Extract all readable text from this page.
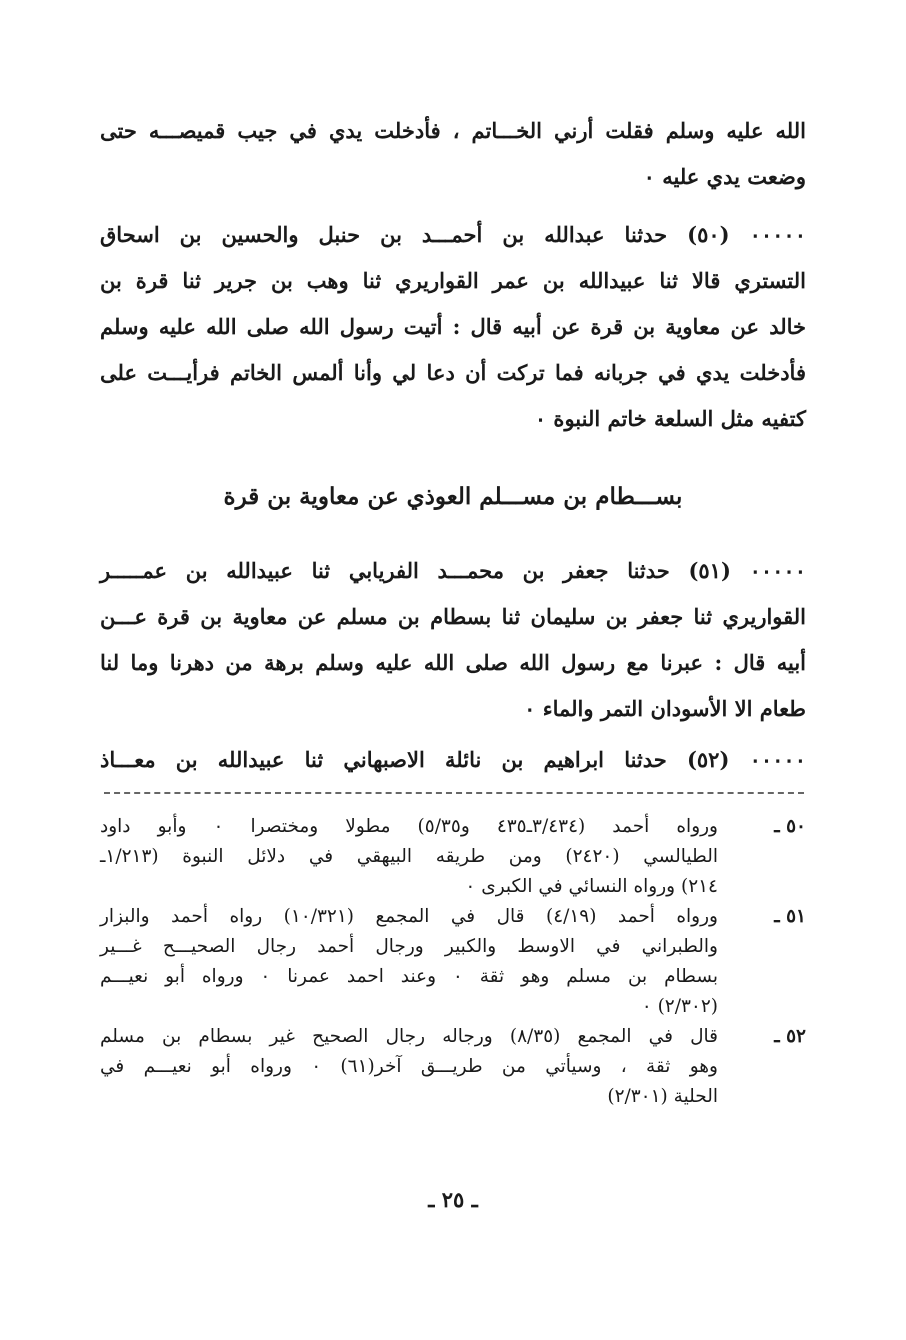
الله عليه وسلم فقلت أرني الخـــاتم ، فأدخلت يدي في جيب قميصـــه حتى
وضعت يدي عليه ٠
٠٠٠٠٠ (٥٠) حدثنا عبدالله بن أحمـــد بن حنبل والحسين بن اسحاق
التستري قالا ثنا عبيدالله بن عمر القواريري ثنا وهب بن جرير ثنا قرة بن
خالد عن معاوية بن قرة عن أبيه قال : أتيت رسول الله صلى الله عليه وسلم
فأدخلت يدي في جربانه فما تركت أن دعا لي وأنا ألمس الخاتم فرأيـــت على
كتفيه مثل السلعة خاتم النبوة ٠
بســـطام بن مســـلم العوذي عن معاوية بن قرة
٠٠٠٠٠ (٥١) حدثنا جعفر بن محمـــد الفريابي ثنا عبيدالله بن عمـــــر
القواريري ثنا جعفر بن سليمان ثنا بسطام بن مسلم عن معاوية بن قرة عـــن
أبيه قال : عبرنا مع رسول الله صلى الله عليه وسلم برهة من دهرنا وما لنا
طعام الا الأسودان التمر والماء ٠
٠٠٠٠٠ (٥٢) حدثنا ابراهيم بن نائلة الاصبهاني ثنا عبيدالله بن معـــاذ
٥٠ ـ
ورواه أحمد (٣/٤٣٤ـ٤٣٥ و٥/٣٥) مطولا ومختصرا ٠ وأبو داود
الطيالسي (٢٤٢٠) ومن طريقه البيهقي في دلائل النبوة (١/٢١٣ـ
٢١٤) ورواه النسائي في الكبرى ٠
٥١ ـ
ورواه أحمد (٤/١٩) قال في المجمع (١٠/٣٢١) رواه أحمد والبزار
والطبراني في الاوسط والكبير ورجال أحمد رجال الصحيـــح غـــير
بسطام بن مسلم وهو ثقة ٠ وعند احمد عمرنا ٠ ورواه أبو نعيـــم
(٢/٣٠٢) ٠
٥٢ ـ
قال في المجمع (٨/٣٥) ورجاله رجال الصحيح غير بسطام بن مسلم
وهو ثقة ، وسيأتي من طريـــق آخر(٦١) ٠ ورواه أبو نعيـــم في
الحلية (٢/٣٠١)
ـ ٢٥ ـ
